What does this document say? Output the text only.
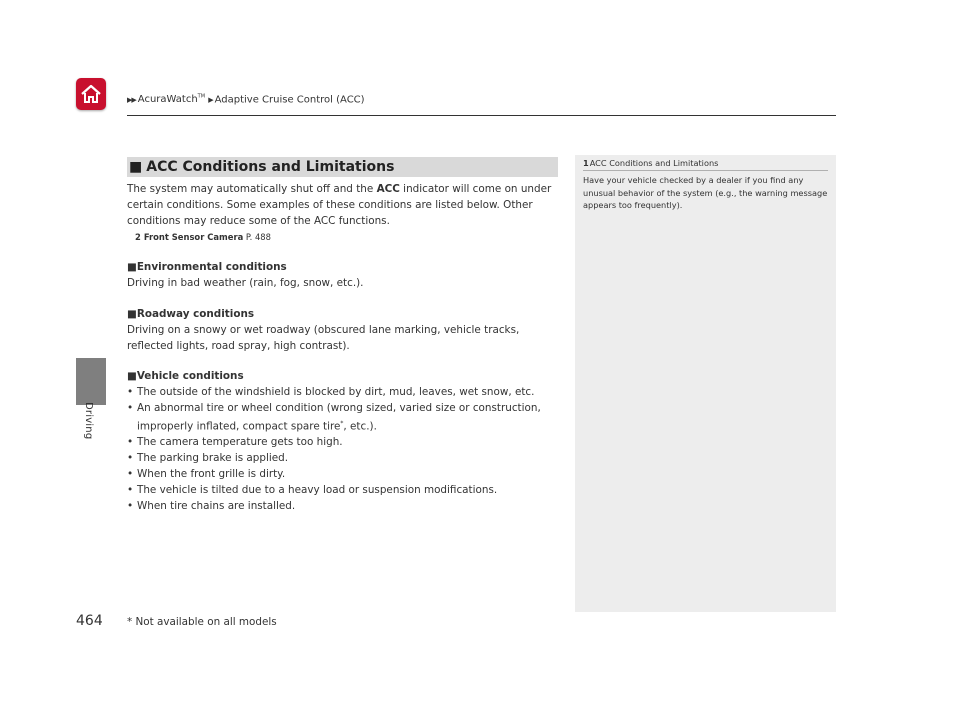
▶▶ AcuraWatch™ ▶ Adaptive Cruise Control (ACC)
Driving
■ ACC Conditions and Limitations
The system may automatically shut off and the ACC indicator will come on under certain conditions. Some examples of these conditions are listed below. Other conditions may reduce some of the ACC functions.
2 Front Sensor Camera P. 488
■Environmental conditions
Driving in bad weather (rain, fog, snow, etc.).
■Roadway conditions
Driving on a snowy or wet roadway (obscured lane marking, vehicle tracks, reflected lights, road spray, high contrast).
■Vehicle conditions
• The outside of the windshield is blocked by dirt, mud, leaves, wet snow, etc.
• An abnormal tire or wheel condition (wrong sized, varied size or construction, improperly inflated, compact spare tire*, etc.).
• The camera temperature gets too high.
• The parking brake is applied.
• When the front grille is dirty.
• The vehicle is tilted due to a heavy load or suspension modifications.
• When tire chains are installed.
1ACC Conditions and Limitations
Have your vehicle checked by a dealer if you find any unusual behavior of the system (e.g., the warning message appears too frequently).
464 * Not available on all models
